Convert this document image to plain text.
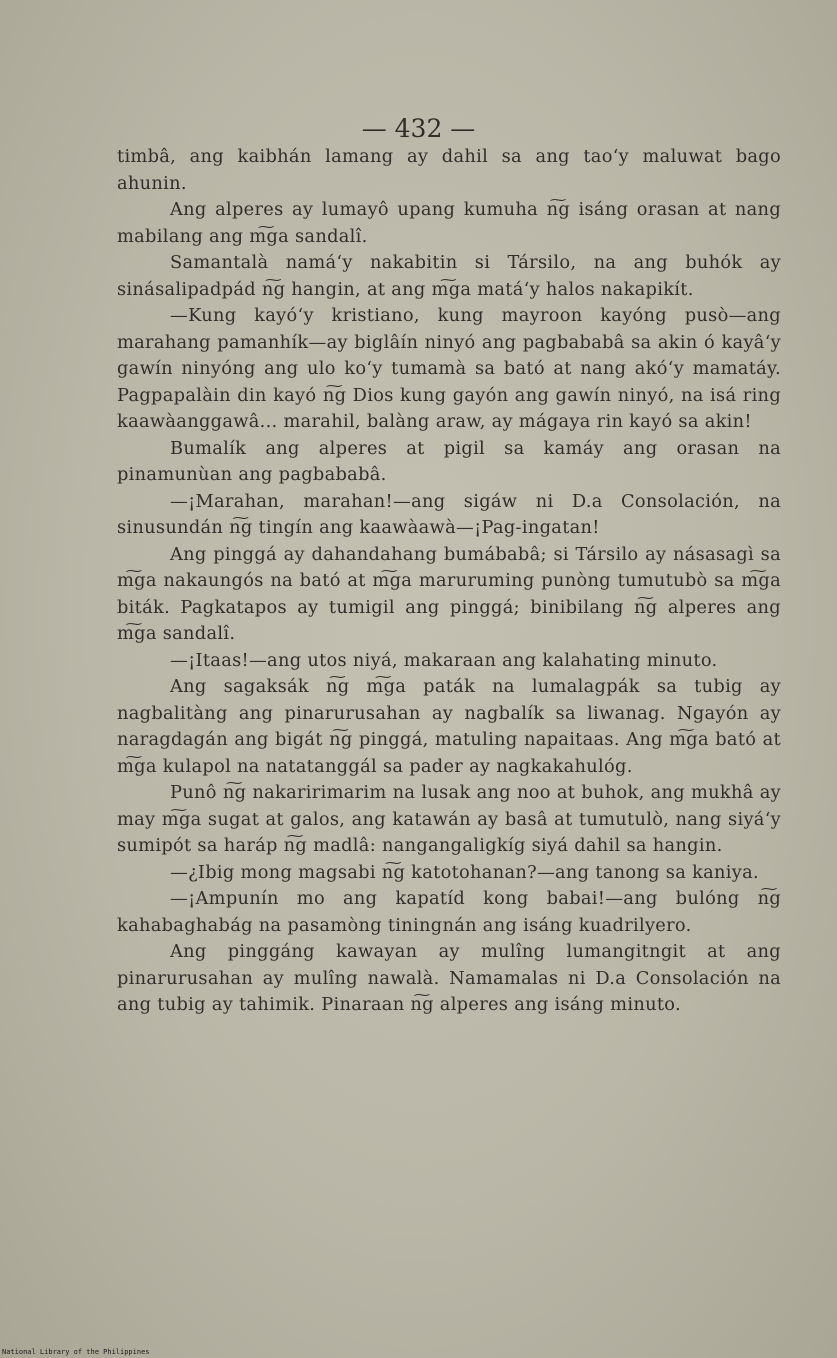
— 432 —

timbâ, ang kaibhán lamang ay dahil sa ang tao‘y maluwat bago ahunin.

Ang alperes ay lumayô upang kumuha n͠g isáng orasan at nang mabilang ang m͠ga sandalî.

Samantalà namá‘y nakabitin si Társilo, na ang buhók ay sinásalipadpád n͠g hangin, at ang m͠ga matá‘y halos nakapikít.

—Kung kayó‘y kristiano, kung mayroon kayóng pusò—ang marahang pamanhík—ay biglâín ninyó ang pagbababâ sa akin ó kayâ‘y gawín ninyóng ang ulo ko‘y tumamà sa bató at nang akó‘y mamatáy. Pagpapalàin din kayó n͠g Dios kung gayón ang gawín ninyó, na isá ring kaawàanggawâ... marahil, balàng araw, ay mágaya rin kayó sa akin!

Bumalík ang alperes at pigil sa kamáy ang orasan na pinamunùan ang pagbababâ.

—¡Marahan, marahan!—ang sigáw ni D.a Consolación, na sinusundán n͠g tingín ang kaawàawà—¡Pag-ingatan!

Ang pinggá ay dahandahang bumábabâ; si Társilo ay násasagì sa m͠ga nakaungós na bató at m͠ga maruruming punòng tumutubò sa m͠ga biták. Pagkatapos ay tumigil ang pinggá; binibilang n͠g alperes ang m͠ga sandalî.

—¡Itaas!—ang utos niyá, makaraan ang kalahating minuto.

Ang sagaksák n͠g m͠ga paták na lumalagpák sa tubig ay nagbalitàng ang pinarurusahan ay nagbalík sa liwanag. Ngayón ay naragdagán ang bigát n͠g pinggá, matuling napaitaas. Ang m͠ga bató at m͠ga kulapol na natatanggál sa pader ay nagkakahulóg.

Punô n͠g nakaririmarim na lusak ang noo at buhok, ang mukhâ ay may m͠ga sugat at galos, ang katawán ay basâ at tumutulò, nang siyá‘y sumipót sa haráp n͠g madlâ: nangangaligkíg siyá dahil sa hangin.

—¿Ibig mong magsabi n͠g katotohanan?—ang tanong sa kaniya.

—¡Ampunín mo ang kapatíd kong babai!—ang bulóng n͠g kahabaghabág na pasamòng tiningnán ang isáng kuadrilyero.

Ang pinggáng kawayan ay mulîng lumangitngit at ang pinarurusahan ay mulîng nawalà. Namamalas ni D.a Consolación na ang tubig ay tahimik. Pinaraan n͠g alperes ang isáng minuto.

National Library of the Philippines
